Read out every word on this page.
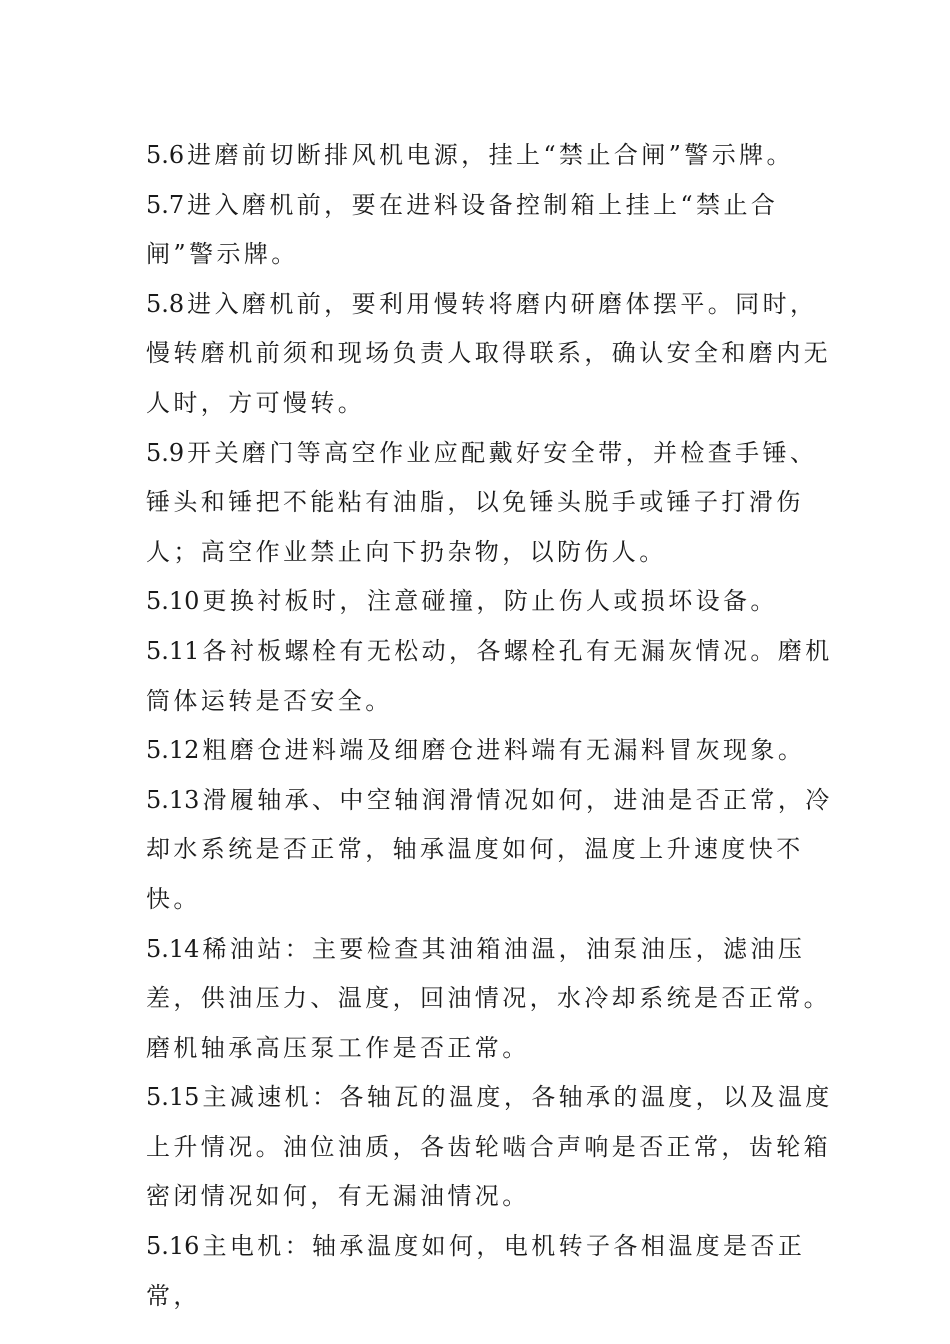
5.6 进磨前切断排风机电源，挂上“禁止合闸”警示牌。

5.7 进入磨机前，要在进料设备控制箱上挂上“禁止合闸”警示牌。

5.8 进入磨机前，要利用慢转将磨内研磨体摆平。同时，慢转磨机前须和现场负责人取得联系，确认安全和磨内无人时，方可慢转。

5.9 开关磨门等高空作业应配戴好安全带，并检查手锤、锤头和锤把不能粘有油脂，以免锤头脱手或锤子打滑伤人；高空作业禁止向下扔杂物，以防伤人。

5.10 更换衬板时，注意碰撞，防止伤人或损坏设备。

5.11 各衬板螺栓有无松动，各螺栓孔有无漏灰情况。磨机筒体运转是否安全。

5.12 粗磨仓进料端及细磨仓进料端有无漏料冒灰现象。

5.13 滑履轴承、中空轴润滑情况如何，进油是否正常，冷却水系统是否正常，轴承温度如何，温度上升速度快不快。

5.14 稀油站：主要检查其油箱油温，油泵油压，滤油压差，供油压力、温度，回油情况，水冷却系统是否正常。磨机轴承高压泵工作是否正常。

5.15 主减速机：各轴瓦的温度，各轴承的温度，以及温度上升情况。油位油质，各齿轮啮合声响是否正常，齿轮箱密闭情况如何，有无漏油情况。

5.16 主电机：轴承温度如何，电机转子各相温度是否正常，
